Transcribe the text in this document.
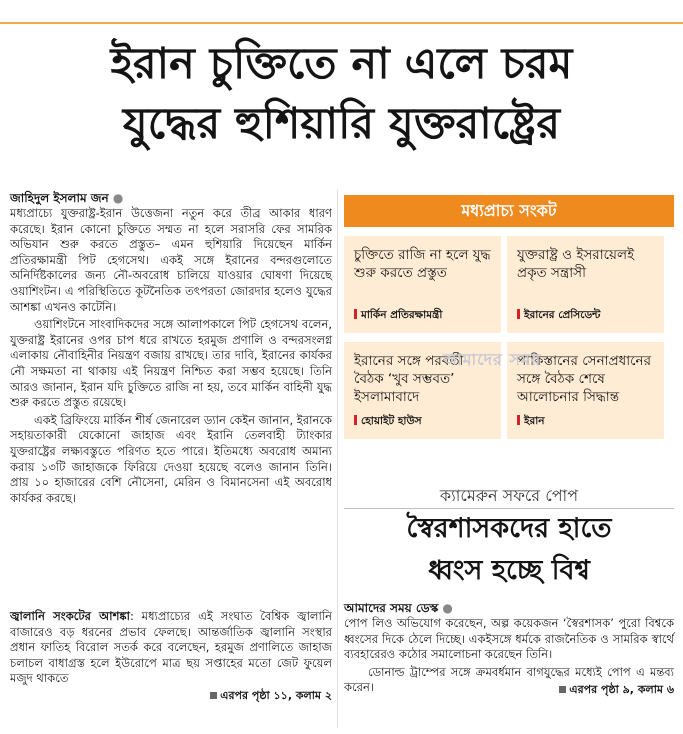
ইরান চুক্তিতে না এলে চরম
যুদ্ধের হুশিয়ারি যুক্তরাষ্ট্রের
জাহিদুল ইসলাম জন ●

মধ্যপ্রাচ্যে যুক্তরাষ্ট্র-ইরান উত্তেজনা নতুন করে তীব্র আকার ধারণ করেছে। ইরান কোনো চুক্তিতে সম্মত না হলে সরাসরি ফের সামরিক অভিযান শুরু করতে প্রস্তুত– এমন হুশিয়ারি দিয়েছেন মার্কিন প্রতিরক্ষামন্ত্রী পিট হেগসেথ। একই সঙ্গে ইরানের বন্দরগুলোতে অনির্দিষ্টকালের জন্য নৌ-অবরোধ চালিয়ে যাওয়ার ঘোষণা দিয়েছে ওয়াশিংটন। এ পরিস্থিতিতে কূটনৈতিক তৎপরতা জোরদার হলেও যুদ্ধের আশঙ্কা এখনও কাটেনি।

ওয়াশিংটনে সাংবাদিকদের সঙ্গে আলাপকালে পিট হেগসেথ বলেন, যুক্তরাষ্ট্র ইরানের ওপর চাপ ধরে রাখতে হরমুজ প্রণালি ও বন্দরসংলগ্ন এলাকায় নৌবাহিনীর নিয়ন্ত্রণ বজায় রাখছে। তার দাবি, ইরানের কার্যকর নৌ সক্ষমতা না থাকায় এই নিয়ন্ত্রণ নিশ্চিত করা সম্ভব হয়েছে। তিনি আরও জানান, ইরান যদি চুক্তিতে রাজি না হয়, তবে মার্কিন বাহিনী যুদ্ধ শুরু করতে প্রস্তুত রয়েছে।

একই ব্রিফিংয়ে মার্কিন শীর্ষ জেনারেল ড্যান কেইন জানান, ইরানকে সহায়তাকারী যেকোনো জাহাজ এবং ইরানি তেলবাহী ট্যাংকার যুক্তরাষ্ট্রের লক্ষ্যবস্তুতে পরিণত হতে পারে। ইতিমধ্যে অবরোধ অমান্য করায় ১৩টি জাহাজকে ফিরিয়ে দেওয়া হয়েছে বলেও জানান তিনি। প্রায় ১০ হাজারের বেশি নৌসেনা, মেরিন ও বিমানসেনা এই অবরোধ কার্যকর করছে।

জ্বালানি সংকটের আশঙ্কা: মধ্যপ্রাচ্যের এই সংঘাত বৈশ্বিক জ্বালানি বাজারেও বড় ধরনের প্রভাব ফেলছে। আন্তর্জাতিক জ্বালানি সংস্থার প্রধান ফাতিহ বিরোল সতর্ক করে বলেছেন, হরমুজ প্রণালিতে জাহাজ চলাচল বাধাগ্রস্ত হলে ইউরোপে মাত্র ছয় সপ্তাহের মতো জেট ফুয়েল মজুদ থাকতে

এরপর পৃষ্ঠা ১১, কলাম ২
মধ্যপ্রাচ্য সংকট
চুক্তিতে রাজি না হলে যুদ্ধ শুরু করতে প্রস্তুত
মার্কিন প্রতিরক্ষামন্ত্রী
যুক্তরাষ্ট্র ও ইসরায়েলই প্রকৃত সন্ত্রাসী
ইরানের প্রেসিডেন্ট
ইরানের সঙ্গে পরবর্তী বৈঠক ‘খুব সম্ভবত’ ইসলামাবাদে
হোয়াইট হাউস
পাকিস্তানের সেনাপ্রধানের সঙ্গে বৈঠক শেষে আলোচনার সিদ্ধান্ত
ইরান
আমাদের সময়
ক্যামেরুন সফরে পোপ
স্বৈরশাসকদের হাতে
ধ্বংস হচ্ছে বিশ্ব
আমাদের সময় ডেস্ক ●

পোপ লিও অভিযোগ করেছেন, অল্প কয়েকজন ‘স্বৈরশাসক’ পুরো বিশ্বকে ধ্বংসের দিকে ঠেলে দিচ্ছে। একইসঙ্গে ধর্মকে রাজনৈতিক ও সামরিক স্বার্থে ব্যবহারেরও কঠোর সমালোচনা করেছেন তিনি।

ডোনাল্ড ট্রাম্পের সঙ্গে ক্রমবর্ধমান বাগযুদ্ধের মধ্যেই পোপ এ মন্তব্য করেন।	এরপর পৃষ্ঠা ৯, কলাম ৬
